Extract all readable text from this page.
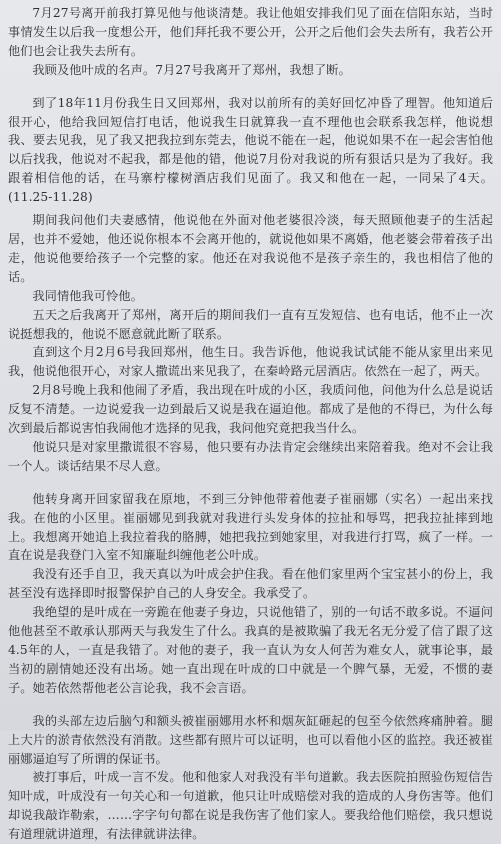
7月27号离开前我打算见他与他谈清楚。我让他姐安排我们见了面在信阳东站，当时事情发生以后我一度想公开，他们拜托我不要公开，公开之后他们会失去所有，我若公开他们也会让我失去所有。

我顾及他叶成的名声。7月27号我离开了郑州，我想了断。

到了18年11月份我生日又回郑州，我对以前所有的美好回忆冲昏了理智。他知道后很开心，他给我回短信打电话，他说我生日就算我一直不理他也会联系我怎样，他说想我、要去见我，见了我又把我拉到东莞去，他说不能在一起，他说如果不在一起会害怕他以后找我，他说对不起我，都是他的错，他说7月份对我说的所有狠话只是为了我好。我跟着相信他的话，在马寨柠檬树酒店我们见面了。我又和他在一起，一同呆了4天。(11.25-11.28)

期间我问他们夫妻感情，他说他在外面对他老婆很冷淡，每天照顾他妻子的生活起居，也并不爱她，他还说你根本不会离开他的，就说他如果不离婚，他老婆会带着孩子出走，他说他要给孩子一个完整的家。他还在对我说他不是孩子亲生的，我也相信了他的话。

我同情他我可怜他。

五天之后我离开了郑州，离开后的期间我们一直有互发短信、也有电话，他不止一次说挺想我的，他说不愿意就此断了联系。

直到这个月2月6号我回郑州，他生日。我告诉他，他说我试试能不能从家里出来见我，他说他很开心，对家人撒谎出来见我了，在秦岭路元居酒店。依然在一起了，两天。

2月8号晚上我和他闹了矛盾，我出现在叶成的小区，我质问他，问他为什么总是说话反复不清楚。一边说爱我一边到最后又说是我在逼迫他。都成了是他的不得已，为什么每次到最后都说害怕我闹他才选择的见我，我问他究竟把我当什么。

他说只是对家里撒谎很不容易，他只要有办法肯定会继续出来陪着我。绝对不会让我一个人。谈话结果不尽人意。

他转身离开回家留我在原地，不到三分钟他带着他妻子崔丽娜（实名）一起出来找我。在他的小区里。崔丽娜见到我就对我进行头发身体的拉扯和辱骂，把我拉扯摔到地上。我想离开她追上我拉着我的胳膊，她把我拉到她家里，对我进行打骂，疯了一样。一直在说是我登门入室不知廉耻纠缠他老公叶成。

我没有还手自卫，我天真以为叶成会护住我。看在他们家里两个宝宝甚小的份上，我甚至没有选择即时报警保护自己的人身安全。我承受了。

我绝望的是叶成在一旁跪在他妻子身边，只说他错了，别的一句话不敢多说。不逼问他他甚至不敢承认那两天与我发生了什么。我真的是被欺骗了我无名无分爱了信了跟了这4.5年的人，一直是我错了。对他的妻子，我一直认为女人何苦为难女人，就事论事，最当初的剧情她还没有出场。她一直出现在叶成的口中就是一个脾气暴，无爱，不惯的妻子。她若依然帮他老公言论我，我不会言语。

我的头部左边后脑勺和额头被崔丽娜用水杯和烟灰缸砸起的包至今依然疼痛肿着。腿上大片的淤青依然没有消散。这些都有照片可以证明，也可以看他小区的监控。我还被崔丽娜逼迫写了所谓的保证书。

被打事后，叶成一言不发。他和他家人对我没有半句道歉。我去医院拍照验伤短信告知叶成，叶成没有一句关心和一句道歉，他只让叶成赔偿对我的造成的人身伤害等。他们却说我敲诈勒索，……字字句句都在说是我伤害了他们家人。要我给他们赔偿，我只想说有道理就讲道理，有法律就讲法律。
